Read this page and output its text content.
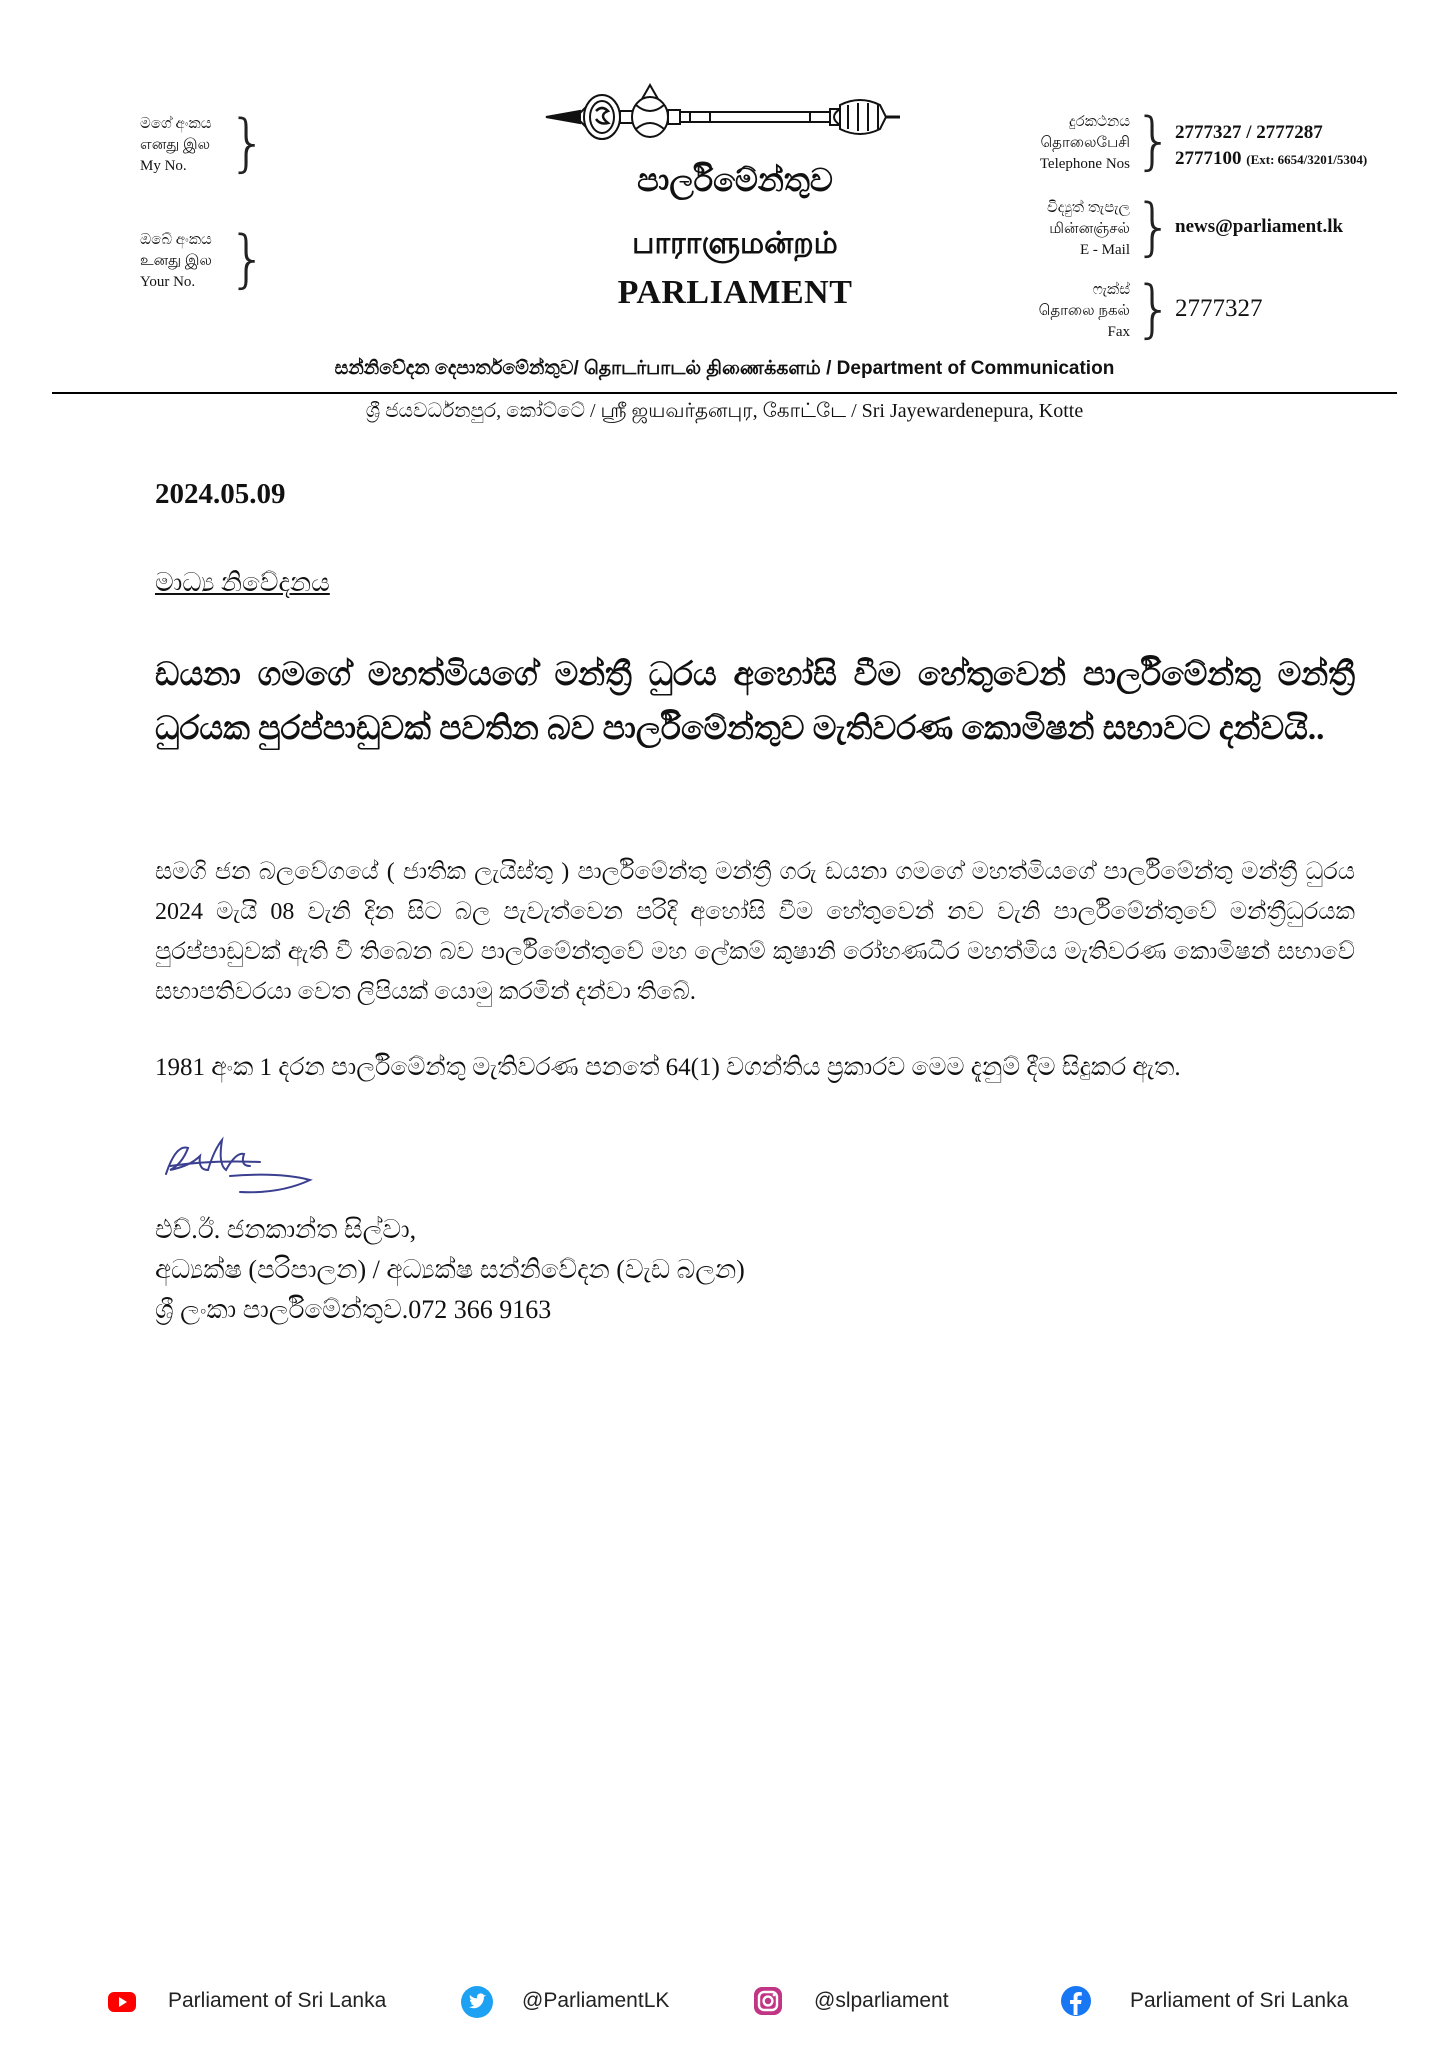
මගේ අංකය
எனது இல
My No. }
ඔබේ අංකය
உனது இல
Your No. }
පාර්ලිමේන්තුව
பாராளுமன்றம்
PARLIAMENT
දුරකථනය
தொலைபேசி
Telephone Nos } 2777327 / 2777287
2777100 (Ext: 6654/3201/5304)
විද්‍යුත් තැපැල
மின்னஞ்சல்
E - Mail } news@parliament.lk
ෆැක්ස්
தொலை நகல்
Fax } 2777327
සන්නිවේදන දෙපාර්තමේන්තුව/ தொடர்பாடல் திணைக்களம் / Department of Communication
ශ්‍රී ජයවර්ධනපුර, කෝට්ටේ / ஸ்ரீ ஜயவர்தனபுர, கோட்டே / Sri Jayewardenepura, Kotte
2024.05.09
මාධ්‍ය නිවේදනය
ඩයනා ගමගේ මහත්මියගේ මන්ත්‍රී ධුරය අහෝසි වීම හේතුවෙන් පාර්ලිමේන්තු මන්ත්‍රී ධුරයක පුරප්පාඩුවක් පවතින බව පාර්ලිමේන්තුව මැතිවරණ කොමිෂන් සභාවට දන්වයි..
සමගි ජන බලවේගයේ ( ජාතික ලැයිස්තු ) පාර්ලිමේන්තු මන්ත්‍රී ගරු ඩයනා ගමගේ මහත්මියගේ පාර්ලිමේන්තු මන්ත්‍රී ධුරය 2024 මැයි 08 වැනි දින සිට බල පැවැත්වෙන පරිදි අහෝසි වීම හේතුවෙන් නව වැනි පාර්ලිමේන්තුවේ මන්ත්‍රීධුරයක පුරප්පාඩුවක් ඇති වී තිබෙන බව පාර්ලිමේන්තුවේ මහ ලේකම් කුෂානි රෝහණධීර මහත්මිය මැතිවරණ කොමිෂන් සභාවේ සභාපතිවරයා වෙත ලිපියක් යොමු කරමින් දන්වා තිබේ.
1981 අංක 1 දරන පාර්ලිමේන්තු මැතිවරණ පනතේ 64(1) වගන්තිය ප්‍රකාරව මෙම දැනුම් දීම සිදුකර ඇත.
එච්.ඊ. ජනකාන්ත සිල්වා,
අධ්‍යක්ෂ (පරිපාලන) / අධ්‍යක්ෂ සන්නිවේදන (වැඩ බලන)
ශ්‍රී ලංකා පාර්ලිමේන්තුව.072 366 9163
Parliament of Sri Lanka	@ParliamentLK	@slparliament	Parliament of Sri Lanka
